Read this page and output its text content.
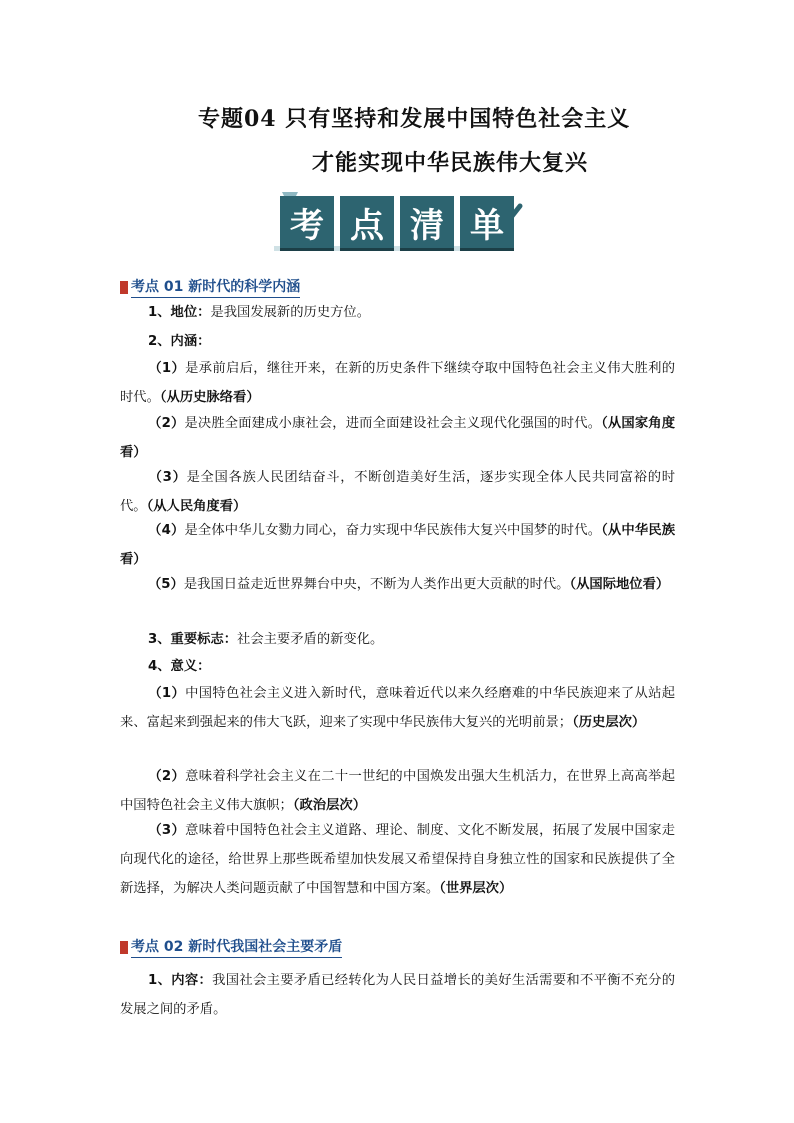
专题04 只有坚持和发展中国特色社会主义
才能实现中华民族伟大复兴
考 点 清 单
考点 01 新时代的科学内涵
1、地位：是我国发展新的历史方位。
2、内涵：
（1）是承前启后，继往开来，在新的历史条件下继续夺取中国特色社会主义伟大胜利的时代。（从历史脉络看）
（2）是决胜全面建成小康社会，进而全面建设社会主义现代化强国的时代。（从国家角度看）
（3）是全国各族人民团结奋斗，不断创造美好生活，逐步实现全体人民共同富裕的时代。（从人民角度看）
（4）是全体中华儿女勠力同心，奋力实现中华民族伟大复兴中国梦的时代。（从中华民族看）
（5）是我国日益走近世界舞台中央，不断为人类作出更大贡献的时代。（从国际地位看）
3、重要标志：社会主要矛盾的新变化。
4、意义：
（1）中国特色社会主义进入新时代，意味着近代以来久经磨难的中华民族迎来了从站起来、富起来到强起来的伟大飞跃，迎来了实现中华民族伟大复兴的光明前景；（历史层次）
（2）意味着科学社会主义在二十一世纪的中国焕发出强大生机活力，在世界上高高举起中国特色社会主义伟大旗帜；（政治层次）
（3）意味着中国特色社会主义道路、理论、制度、文化不断发展，拓展了发展中国家走向现代化的途径，给世界上那些既希望加快发展又希望保持自身独立性的国家和民族提供了全新选择，为解决人类问题贡献了中国智慧和中国方案。（世界层次）
考点 02 新时代我国社会主要矛盾
1、内容：我国社会主要矛盾已经转化为人民日益增长的美好生活需要和不平衡不充分的发展之间的矛盾。
